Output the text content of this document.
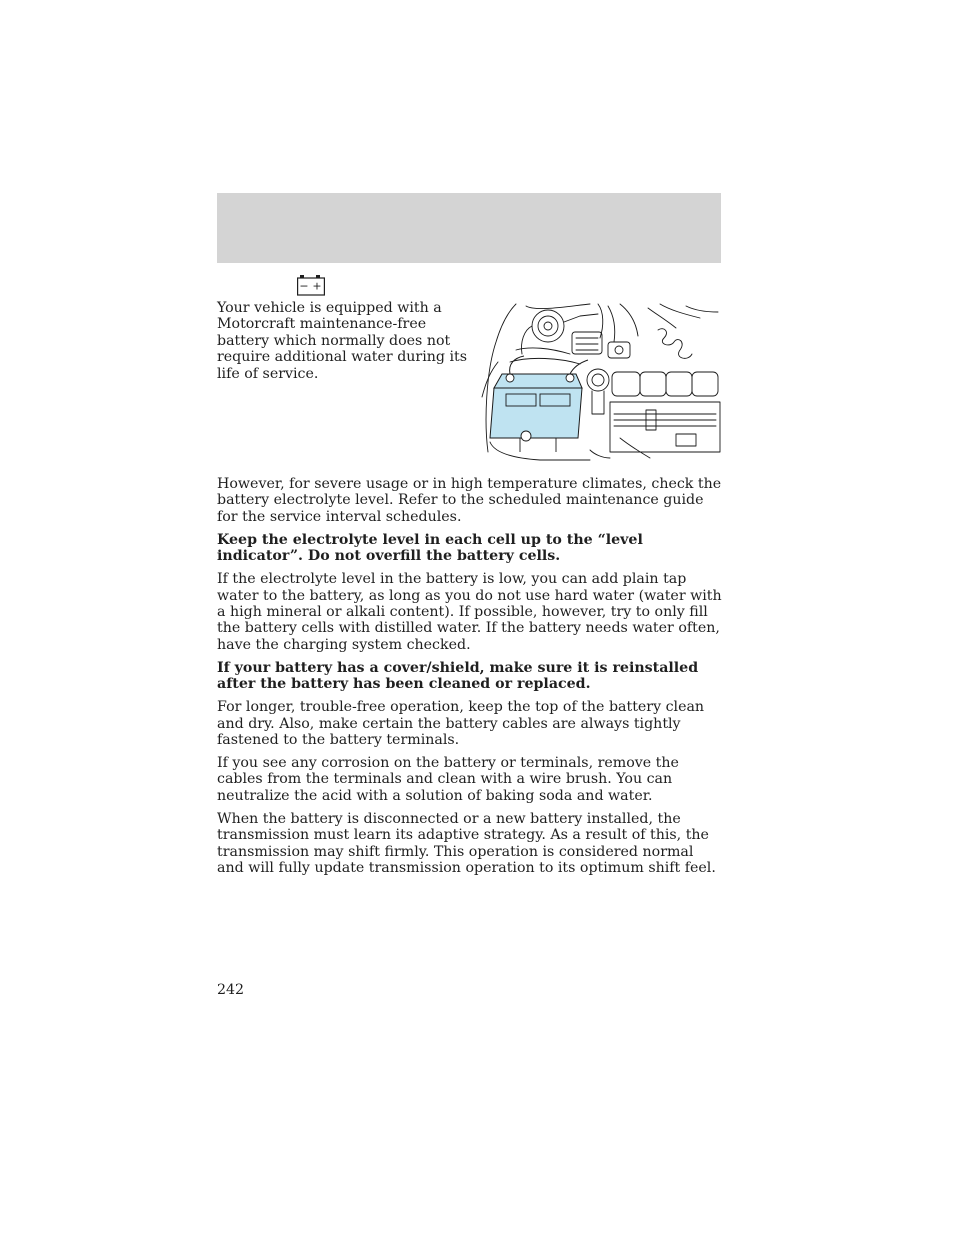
− +

Your vehicle is equipped with a Motorcraft maintenance-free battery which normally does not require additional water during its life of service.

However, for severe usage or in high temperature climates, check the battery electrolyte level. Refer to the scheduled maintenance guide for the service interval schedules.

Keep the electrolyte level in each cell up to the “level indicator”. Do not overfill the battery cells.

If the electrolyte level in the battery is low, you can add plain tap water to the battery, as long as you do not use hard water (water with a high mineral or alkali content). If possible, however, try to only fill the battery cells with distilled water. If the battery needs water often, have the charging system checked.

If your battery has a cover/shield, make sure it is reinstalled after the battery has been cleaned or replaced.

For longer, trouble-free operation, keep the top of the battery clean and dry. Also, make certain the battery cables are always tightly fastened to the battery terminals.

If you see any corrosion on the battery or terminals, remove the cables from the terminals and clean with a wire brush. You can neutralize the acid with a solution of baking soda and water.

When the battery is disconnected or a new battery installed, the transmission must learn its adaptive strategy. As a result of this, the transmission may shift firmly. This operation is considered normal and will fully update transmission operation to its optimum shift feel.

242
